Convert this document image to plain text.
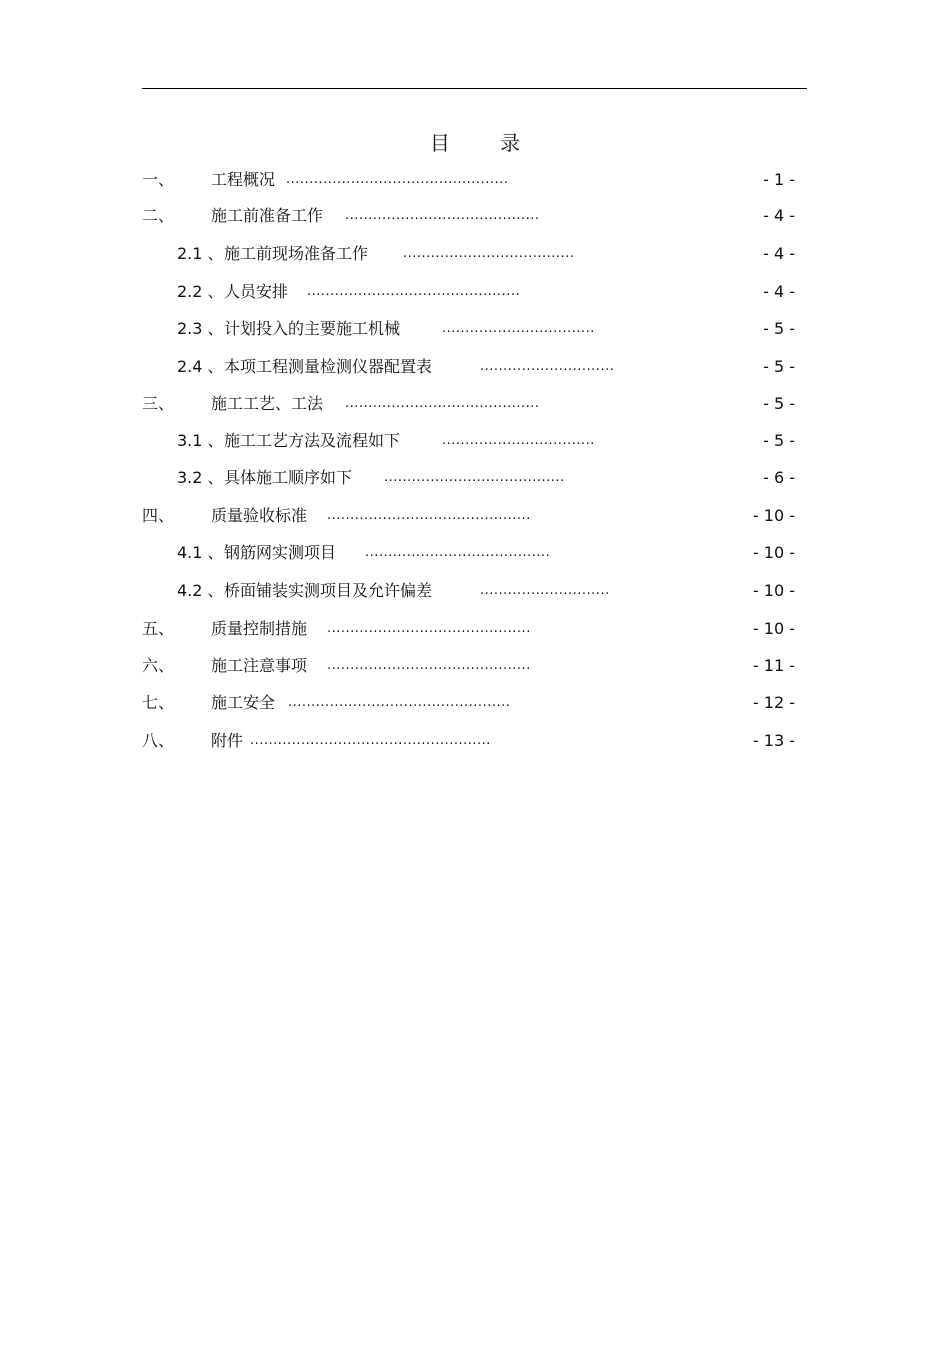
目 录
一、 工程概况 ................................................	- 1 -
二、 施工前准备工作 ..........................................	- 4 -
2.1 、 施工前现场准备工作	.....................................	- 4 -
2.2 、 人员安排 ..............................................	- 4 -
2.3 、 计划投入的主要施工机械	.................................	- 5 -
2.4 、 本项工程测量检测仪器配置表	.............................	- 5 -
三、 施工工艺、工法 ..........................................	- 5 -
3.1 、 施工工艺方法及流程如下	.................................	- 5 -
3.2 、 具体施工顺序如下 .......................................	- 6 -
四、 质量验收标准 ............................................	- 10 -
4.1 、 钢筋网实测项目 ........................................	- 10 -
4.2 、 桥面铺装实测项目及允许偏差	............................	- 10 -
五、 质量控制措施 ............................................	- 10 -
六、 施工注意事项 ............................................	- 11 -
七、 施工安全 ................................................	- 12 -
八、 附件 ....................................................	- 13 -
